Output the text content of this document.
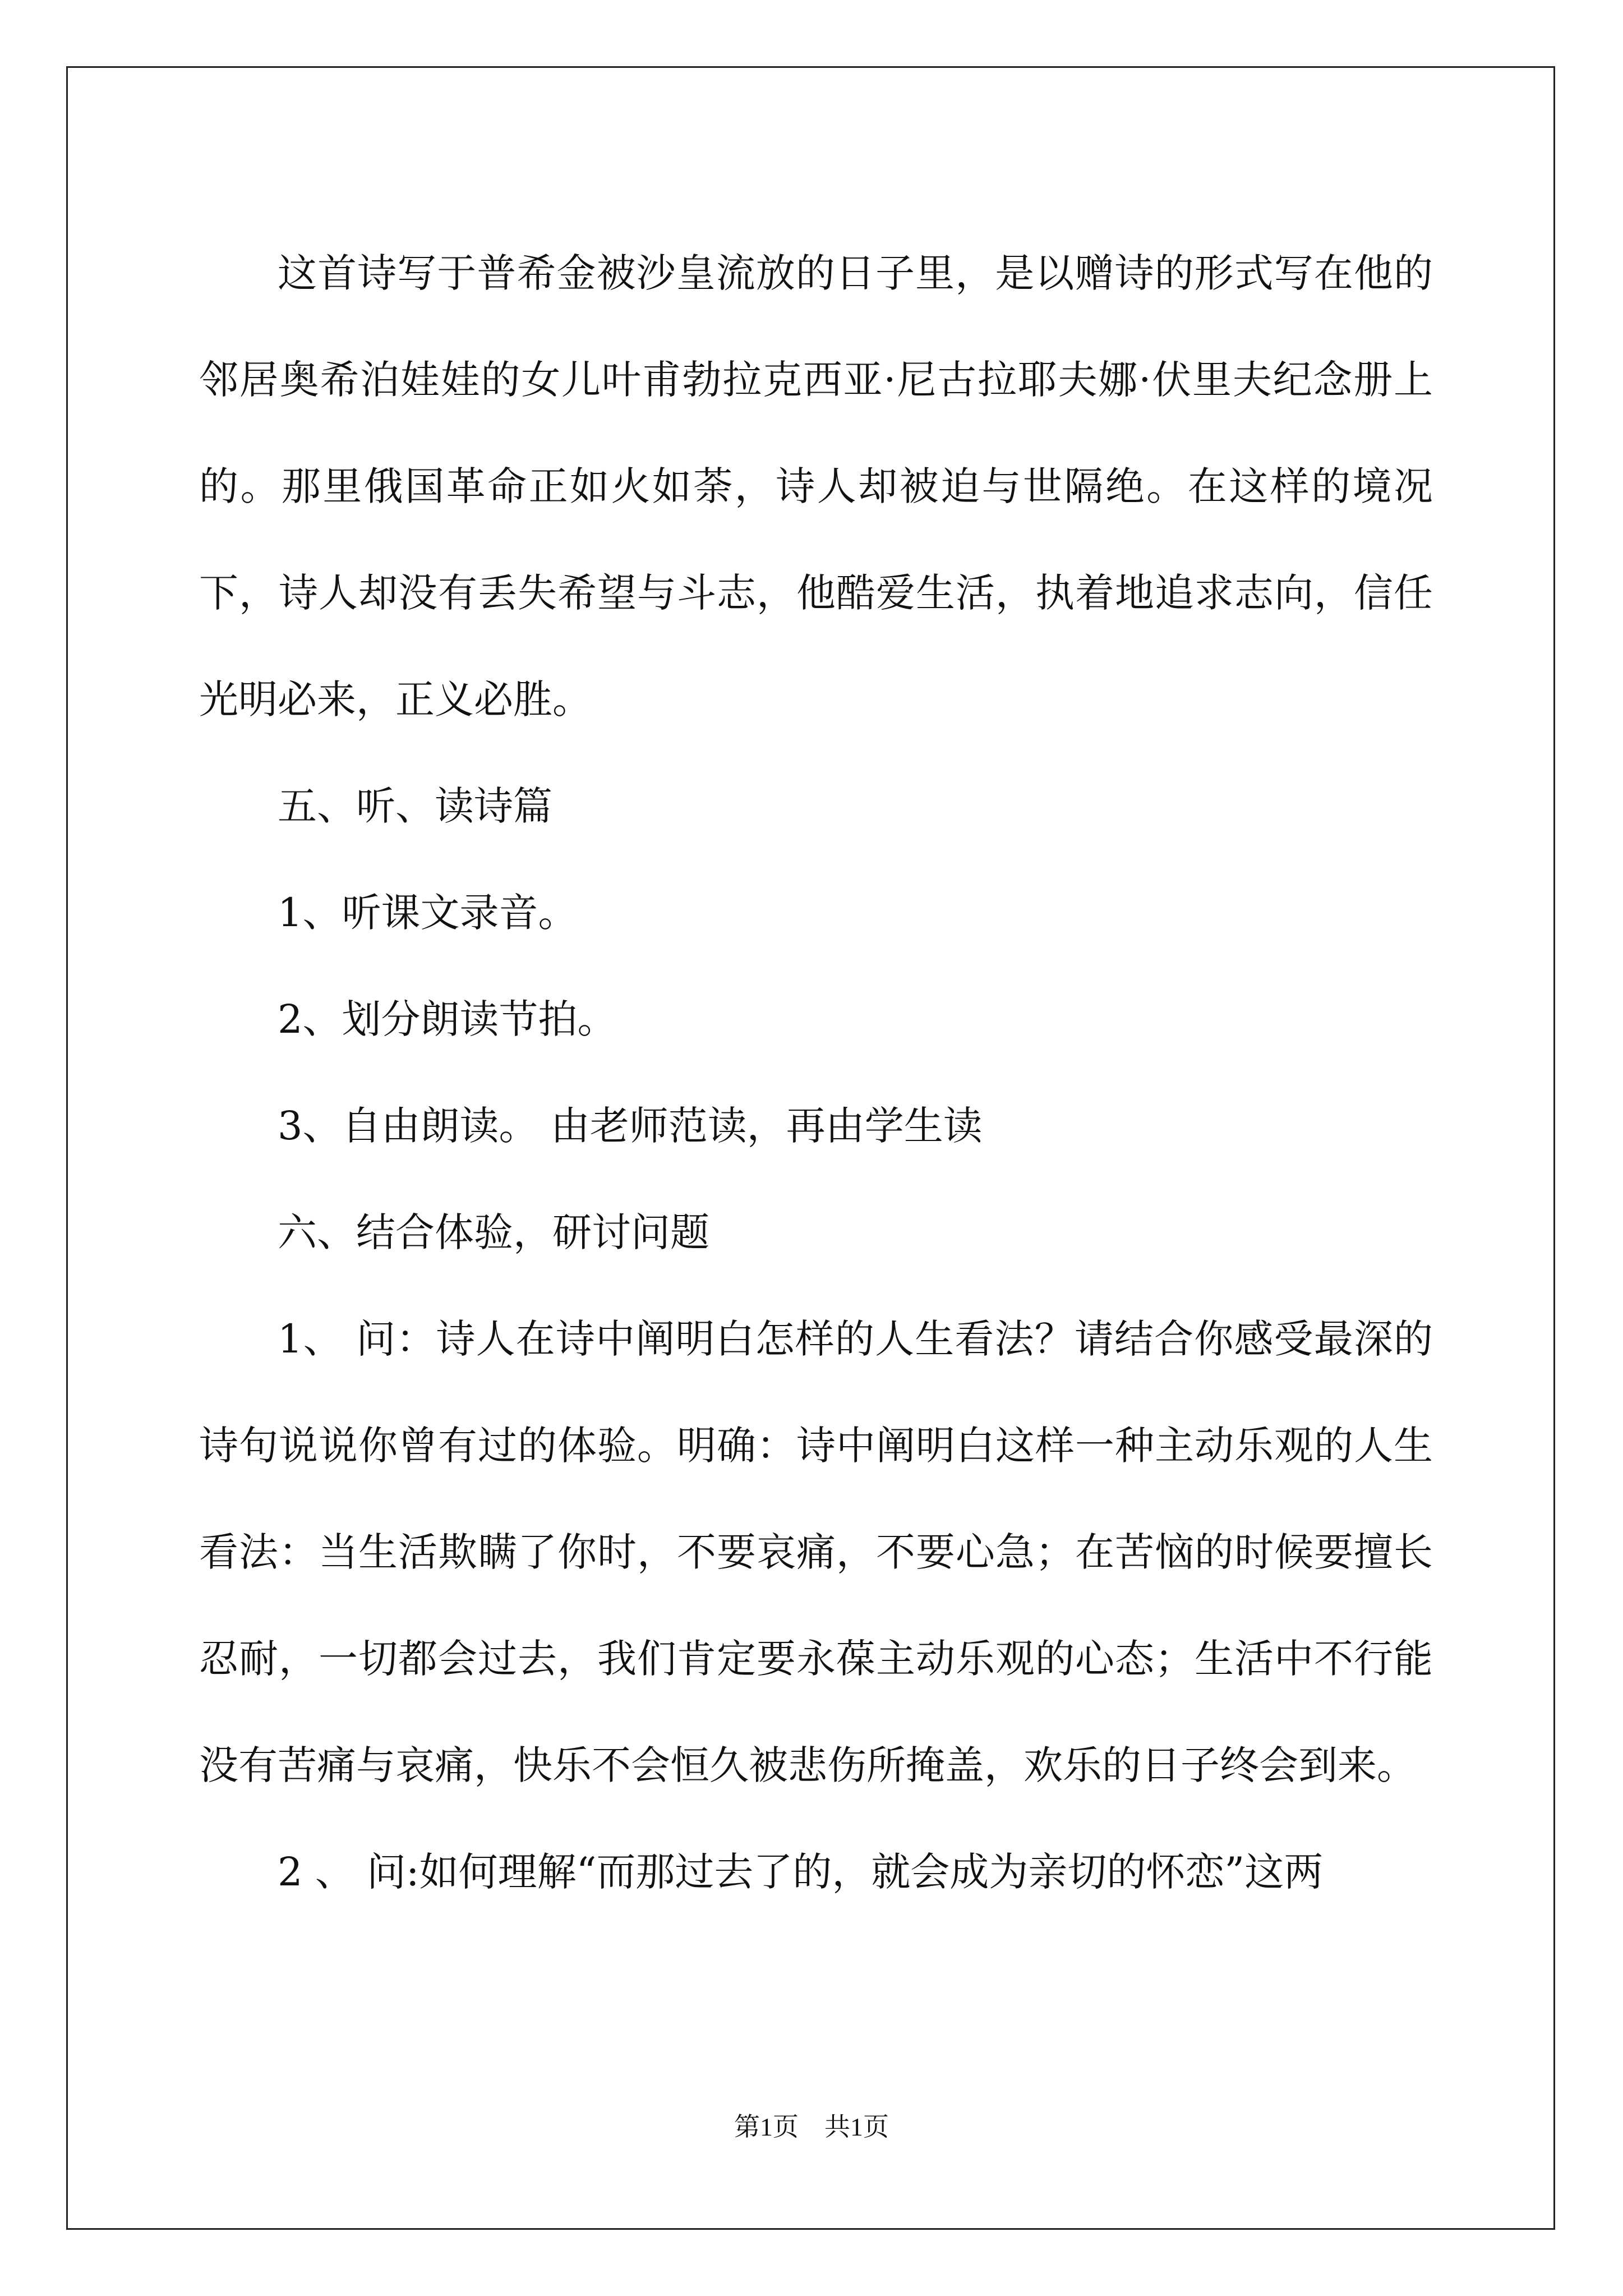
这首诗写于普希金被沙皇流放的日子里，是以赠诗的形式写在他的邻居奥希泊娃娃的女儿叶甫勃拉克西亚·尼古拉耶夫娜·伏里夫纪念册上的。那里俄国革命正如火如荼，诗人却被迫与世隔绝。在这样的境况下，诗人却没有丢失希望与斗志，他酷爱生活，执着地追求志向，信任光明必来，正义必胜。

五、听、读诗篇

1、听课文录音。

2、划分朗读节拍。

3、自由朗读。 由老师范读，再由学生读

六、结合体验，研讨问题

1、 问：诗人在诗中阐明白怎样的人生看法？请结合你感受最深的诗句说说你曾有过的体验。明确：诗中阐明白这样一种主动乐观的人生看法：当生活欺瞒了你时，不要哀痛，不要心急；在苦恼的时候要擅长忍耐，一切都会过去，我们肯定要永葆主动乐观的心态；生活中不行能没有苦痛与哀痛，快乐不会恒久被悲伤所掩盖，欢乐的日子终会到来。

2 、 问:如何理解“而那过去了的，就会成为亲切的怀恋”这两

第1页　共1页
